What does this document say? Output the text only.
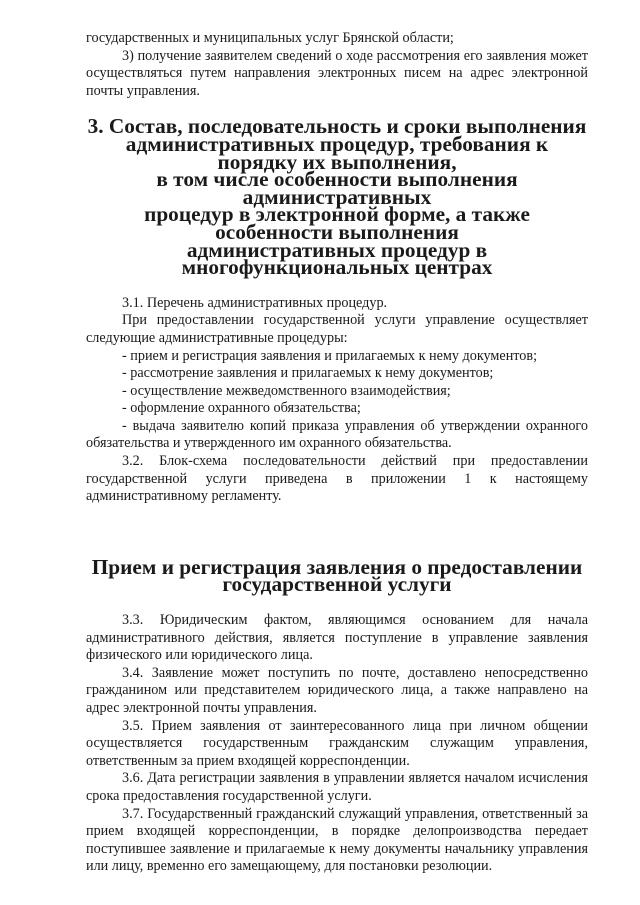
государственных и муниципальных услуг Брянской области;

3) получение заявителем сведений о ходе рассмотрения его заявления может осуществляться путем направления электронных писем на адрес электронной почты управления.

3. Состав, последовательность и сроки выполнения
административных процедур, требования к порядку их выполнения,
в том числе особенности выполнения административных
процедур в электронной форме, а также особенности выполнения
административных процедур в многофункциональных центрах

3.1. Перечень административных процедур.

При предоставлении государственной услуги управление осуществляет следующие административные процедуры:

- прием и регистрация заявления и прилагаемых к нему документов;

- рассмотрение заявления и прилагаемых к нему документов;

- осуществление межведомственного взаимодействия;

- оформление охранного обязательства;

- выдача заявителю копий приказа управления об утверждении охранного обязательства и утвержденного им охранного обязательства.

3.2. Блок-схема последовательности действий при предоставлении государственной услуги приведена в приложении 1 к настоящему административному регламенту.

Прием и регистрация заявления о предоставлении
государственной услуги

3.3. Юридическим фактом, являющимся основанием для начала административного действия, является поступление в управление заявления физического или юридического лица.

3.4. Заявление может поступить по почте, доставлено непосредственно гражданином или представителем юридического лица, а также направлено на адрес электронной почты управления.

3.5. Прием заявления от заинтересованного лица при личном общении осуществляется государственным гражданским служащим управления, ответственным за прием входящей корреспонденции.

3.6. Дата регистрации заявления в управлении является началом исчисления срока предоставления государственной услуги.

3.7. Государственный гражданский служащий управления, ответственный за прием входящей корреспонденции, в порядке делопроизводства передает поступившее заявление и прилагаемые к нему документы начальнику управления или лицу, временно его замещающему, для постановки резолюции.
